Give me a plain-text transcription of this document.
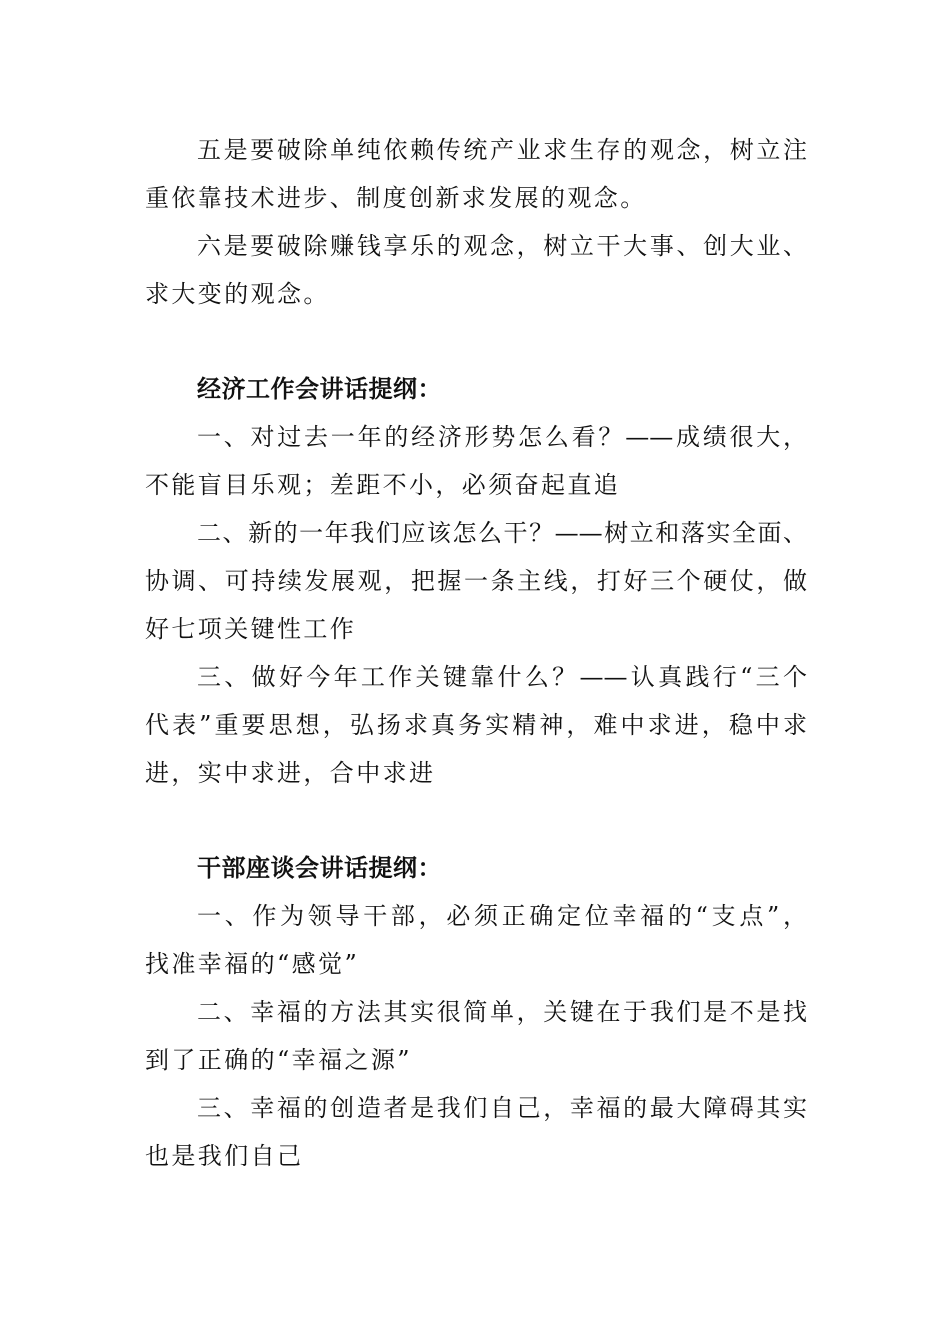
五是要破除单纯依赖传统产业求生存的观念，树立注
重依靠技术进步、制度创新求发展的观念。
六是要破除赚钱享乐的观念，树立干大事、创大业、
求大变的观念。
经济工作会讲话提纲：
一、对过去一年的经济形势怎么看？——成绩很大，
不能盲目乐观；差距不小，必须奋起直追
二、新的一年我们应该怎么干？——树立和落实全面、
协调、可持续发展观，把握一条主线，打好三个硬仗，做
好七项关键性工作
三、做好今年工作关键靠什么？——认真践行“三个
代表”重要思想，弘扬求真务实精神，难中求进，稳中求
进，实中求进，合中求进
干部座谈会讲话提纲：
一、作为领导干部，必须正确定位幸福的“支点”，
找准幸福的“感觉”
二、幸福的方法其实很简单，关键在于我们是不是找
到了正确的“幸福之源”
三、幸福的创造者是我们自己，幸福的最大障碍其实
也是我们自己
